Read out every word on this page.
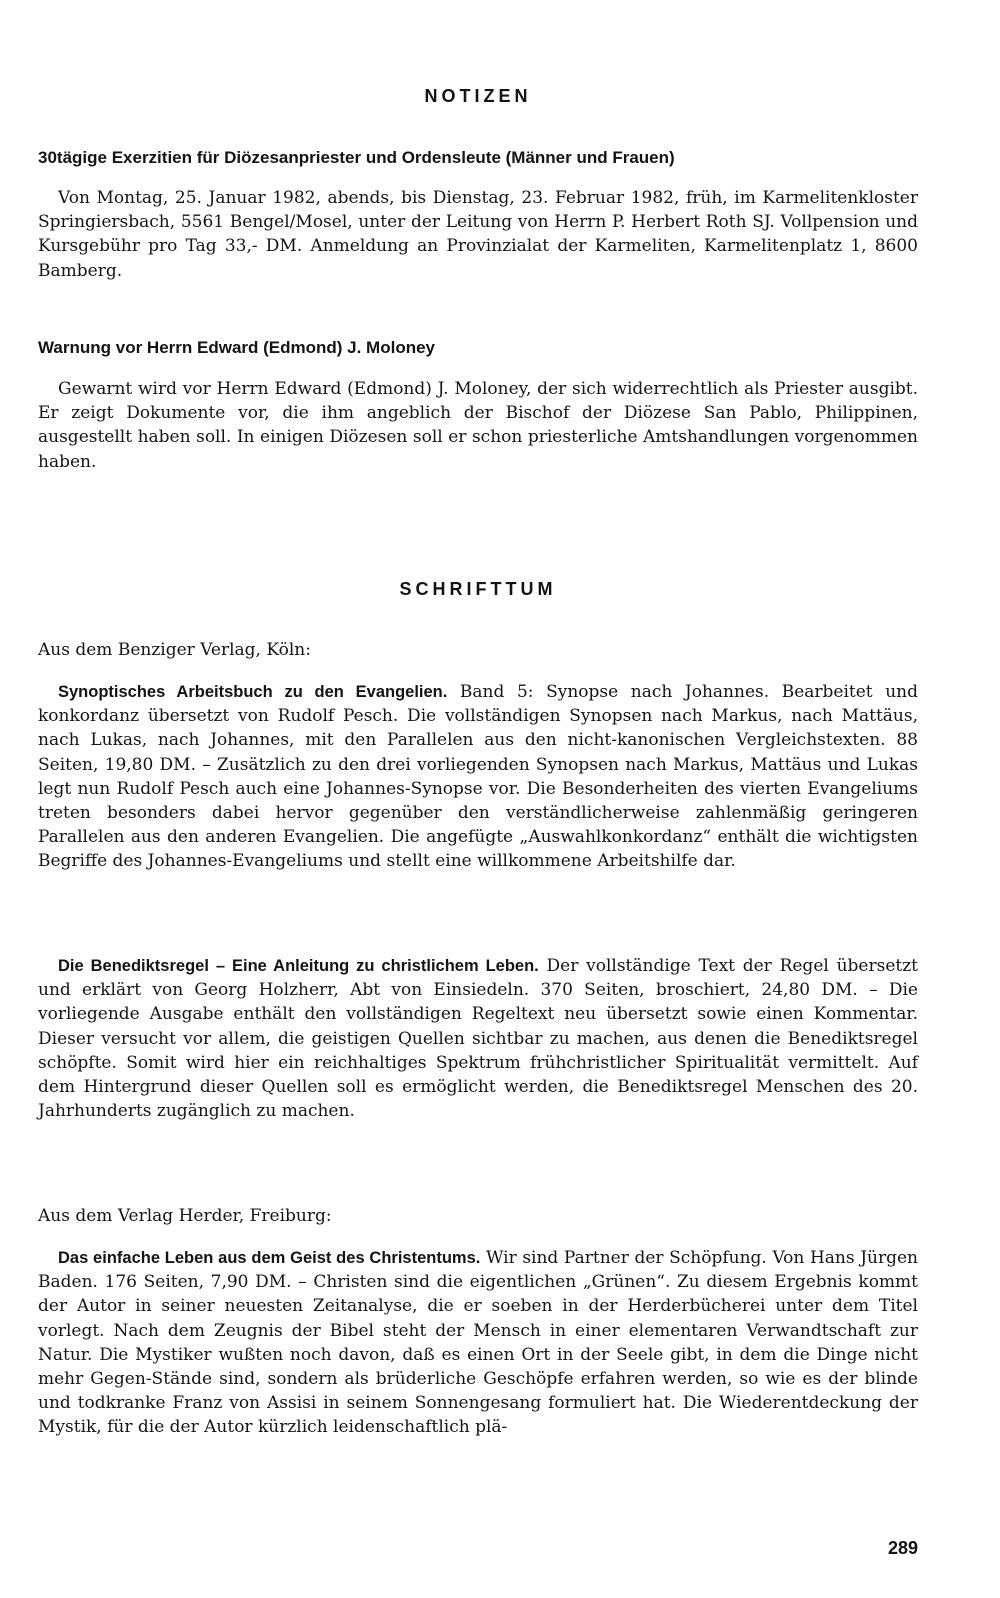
NOTIZEN

30tägige Exerzitien für Diözesanpriester und Ordensleute (Männer und Frauen)

Von Montag, 25. Januar 1982, abends, bis Dienstag, 23. Februar 1982, früh, im Karmelitenkloster Springiersbach, 5561 Bengel/Mosel, unter der Leitung von Herrn P. Herbert Roth SJ. Vollpension und Kursgebühr pro Tag 33,- DM. Anmeldung an Provinzialat der Karmeliten, Karmelitenplatz 1, 8600 Bamberg.

Warnung vor Herrn Edward (Edmond) J. Moloney

Gewarnt wird vor Herrn Edward (Edmond) J. Moloney, der sich widerrechtlich als Priester ausgibt. Er zeigt Dokumente vor, die ihm angeblich der Bischof der Diözese San Pablo, Philippinen, ausgestellt haben soll. In einigen Diözesen soll er schon priesterliche Amtshandlungen vorgenommen haben.

SCHRIFTTUM

Aus dem Benziger Verlag, Köln:

Synoptisches Arbeitsbuch zu den Evangelien. Band 5: Synopse nach Johannes. Bearbeitet und konkordanz übersetzt von Rudolf Pesch. Die vollständigen Synopsen nach Markus, nach Mattäus, nach Lukas, nach Johannes, mit den Parallelen aus den nicht-kanonischen Vergleichstexten. 88 Seiten, 19,80 DM. – Zusätzlich zu den drei vorliegenden Synopsen nach Markus, Mattäus und Lukas legt nun Rudolf Pesch auch eine Johannes-Synopse vor. Die Besonderheiten des vierten Evangeliums treten besonders dabei hervor gegenüber den verständlicherweise zahlenmäßig geringeren Parallelen aus den anderen Evangelien. Die angefügte „Auswahlkonkordanz“ enthält die wichtigsten Begriffe des Johannes-Evangeliums und stellt eine willkommene Arbeitshilfe dar.

Die Benediktsregel – Eine Anleitung zu christlichem Leben. Der vollständige Text der Regel übersetzt und erklärt von Georg Holzherr, Abt von Einsiedeln. 370 Seiten, broschiert, 24,80 DM. – Die vorliegende Ausgabe enthält den vollständigen Regeltext neu übersetzt sowie einen Kommentar. Dieser versucht vor allem, die geistigen Quellen sichtbar zu machen, aus denen die Benediktsregel schöpfte. Somit wird hier ein reichhaltiges Spektrum frühchristlicher Spiritualität vermittelt. Auf dem Hintergrund dieser Quellen soll es ermöglicht werden, die Benediktsregel Menschen des 20. Jahrhunderts zugänglich zu machen.

Aus dem Verlag Herder, Freiburg:

Das einfache Leben aus dem Geist des Christentums. Wir sind Partner der Schöpfung. Von Hans Jürgen Baden. 176 Seiten, 7,90 DM. – Christen sind die eigentlichen „Grünen“. Zu diesem Ergebnis kommt der Autor in seiner neuesten Zeitanalyse, die er soeben in der Herderbücherei unter dem Titel vorlegt. Nach dem Zeugnis der Bibel steht der Mensch in einer elementaren Verwandtschaft zur Natur. Die Mystiker wußten noch davon, daß es einen Ort in der Seele gibt, in dem die Dinge nicht mehr Gegen-Stände sind, sondern als brüderliche Geschöpfe erfahren werden, so wie es der blinde und todkranke Franz von Assisi in seinem Sonnengesang formuliert hat. Die Wiederentdeckung der Mystik, für die der Autor kürzlich leidenschaftlich plä-

289
